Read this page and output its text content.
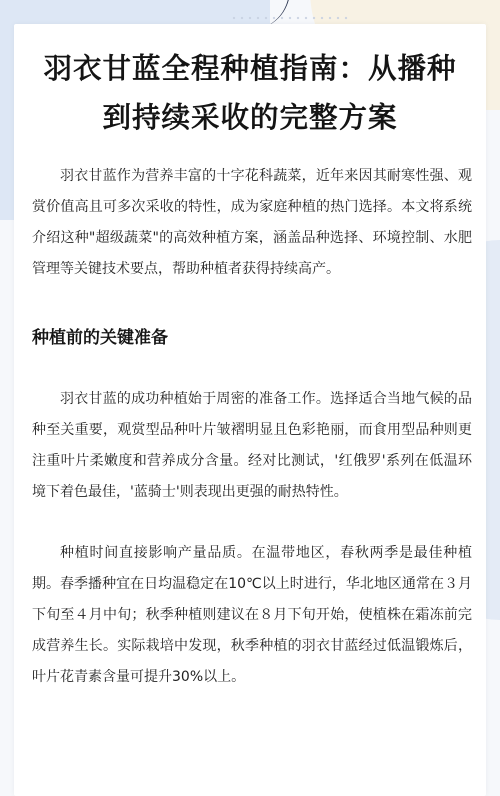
羽衣甘蓝全程种植指南：从播种到持续采收的完整方案

羽衣甘蓝作为营养丰富的十字花科蔬菜，近年来因其耐寒性强、观赏价值高且可多次采收的特性，成为家庭种植的热门选择。本文将系统介绍这种"超级蔬菜"的高效种植方案，涵盖品种选择、环境控制、水肥管理等关键技术要点，帮助种植者获得持续高产。

种植前的关键准备

羽衣甘蓝的成功种植始于周密的准备工作。选择适合当地气候的品种至关重要，观赏型品种叶片皱褶明显且色彩艳丽，而食用型品种则更注重叶片柔嫩度和营养成分含量。经对比测试，'红俄罗'系列在低温环境下着色最佳，'蓝骑士'则表现出更强的耐热特性。

种植时间直接影响产量品质。在温带地区，春秋两季是最佳种植期。春季播种宜在日均温稳定在10℃以上时进行，华北地区通常在３月下旬至４月中旬；秋季种植则建议在８月下旬开始，使植株在霜冻前完成营养生长。实际栽培中发现，秋季种植的羽衣甘蓝经过低温锻炼后，叶片花青素含量可提升30%以上。
